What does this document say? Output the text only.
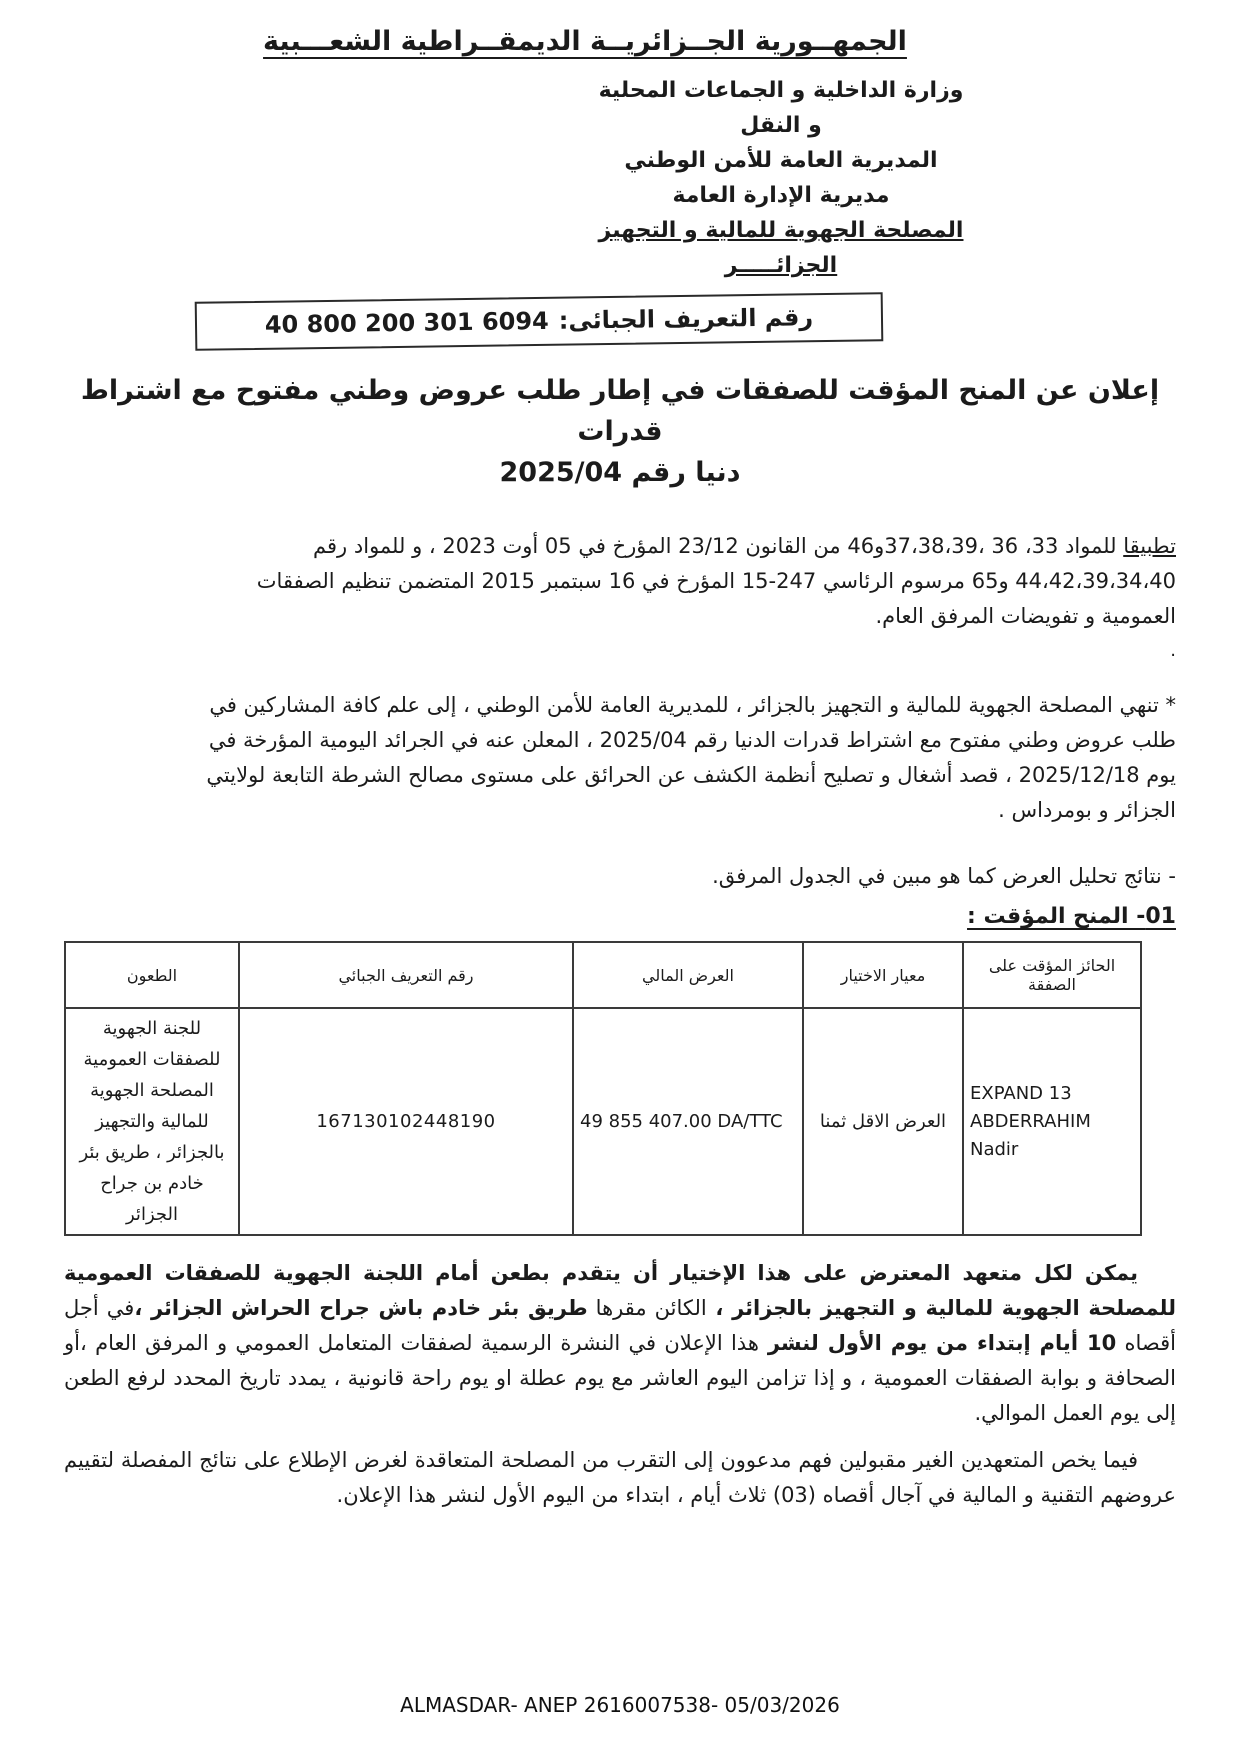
الجمهــورية الجــزائريــة الديمقــراطية الشعـــبية
وزارة الداخلية و الجماعات المحلية
و النقل
المديرية العامة للأمن الوطني
مديرية الإدارة العامة
المصلحة الجهوية للمالية و التجهيز
الجزائـــــر
رقم التعريف الجبائى:
40 800 200 301 6094
إعلان عن المنح المؤقت للصفقات في إطار طلب عروض وطني مفتوح مع اشتراط قدرات
دنيا رقم 2025/04
تطبيقا للمواد 33، 36 ،37،38،39و46 من القانون 23/12 المؤرخ في 05 أوت 2023 ، و للمواد رقم
44،42،39،34،40 و65 مرسوم الرئاسي 247-15 المؤرخ في 16 سبتمبر 2015 المتضمن تنظيم الصفقات
العمومية و تفويضات المرفق العام.
.
* تنهي المصلحة الجهوية للمالية و التجهيز بالجزائر ، للمديرية العامة للأمن الوطني ، إلى علم كافة المشاركين في
طلب عروض وطني مفتوح مع اشتراط قدرات الدنيا رقم 2025/04 ، المعلن عنه في الجرائد اليومية المؤرخة في
يوم 2025/12/18 ، قصد أشغال و تصليح أنظمة الكشف عن الحرائق على مستوى مصالح الشرطة التابعة لولايتي
الجزائر و بومرداس .
- نتائج تحليل العرض كما هو مبين في الجدول المرفق.
01- المنح المؤقت :
الحائز المؤقت على الصفقة	معيار الاختيار	العرض المالي	رقم التعريف الجبائي	الطعون

EXPAND 13
ABDERRAHIM Nadir	العرض الاقل ثمنا	49 855 407.00 DA/TTC	167130102448190	للجنة الجهوية للصفقات العمومية المصلحة الجهوية للمالية والتجهيز بالجزائر ، طريق بئر خادم بن جراح الجزائر
يمكن لكل متعهد المعترض على هذا الإختيار أن يتقدم بطعن أمام اللجنة الجهوية للصفقات العمومية للمصلحة الجهوية للمالية و التجهيز بالجزائر ، الكائن مقرها طريق بئر خادم باش جراح الحراش الجزائر ،في أجل أقصاه 10 أيام إبتداء من يوم الأول لنشر هذا الإعلان في النشرة الرسمية لصفقات المتعامل العمومي و المرفق العام ،أو الصحافة و بوابة الصفقات العمومية ، و إذا تزامن اليوم العاشر مع يوم عطلة او يوم راحة قانونية ، يمدد تاريخ المحدد لرفع الطعن إلى يوم العمل الموالي.
فيما يخص المتعهدين الغير مقبولين فهم مدعوون إلى التقرب من المصلحة المتعاقدة لغرض الإطلاع على نتائج المفصلة لتقييم عروضهم التقنية و المالية في آجال أقصاه (03) ثلاث أيام ، ابتداء من اليوم الأول لنشر هذا الإعلان.
ALMASDAR- ANEP 2616007538- 05/03/2026
